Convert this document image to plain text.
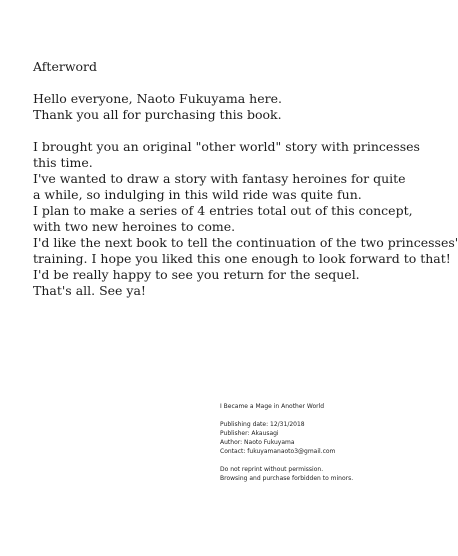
Afterword

Hello everyone, Naoto Fukuyama here.

Thank you all for purchasing this book.

I brought you an original "other world" story with princesses

this time.

I've wanted to draw a story with fantasy heroines for quite

a while, so indulging in this wild ride was quite fun.

I plan to make a series of 4 entries total out of this concept,

with two new heroines to come.

I'd like the next book to tell the continuation of the two princesses'

training. I hope you liked this one enough to look forward to that!

I'd be really happy to see you return for the sequel.

That's all. See ya!

I Became a Mage in Another World

Publishing date: 12/31/2018

Publisher: Akausagi

Author: Naoto Fukuyama

Contact: fukuyamanaoto3@gmail.com

Do not reprint without permission.

Browsing and purchase forbidden to minors.
